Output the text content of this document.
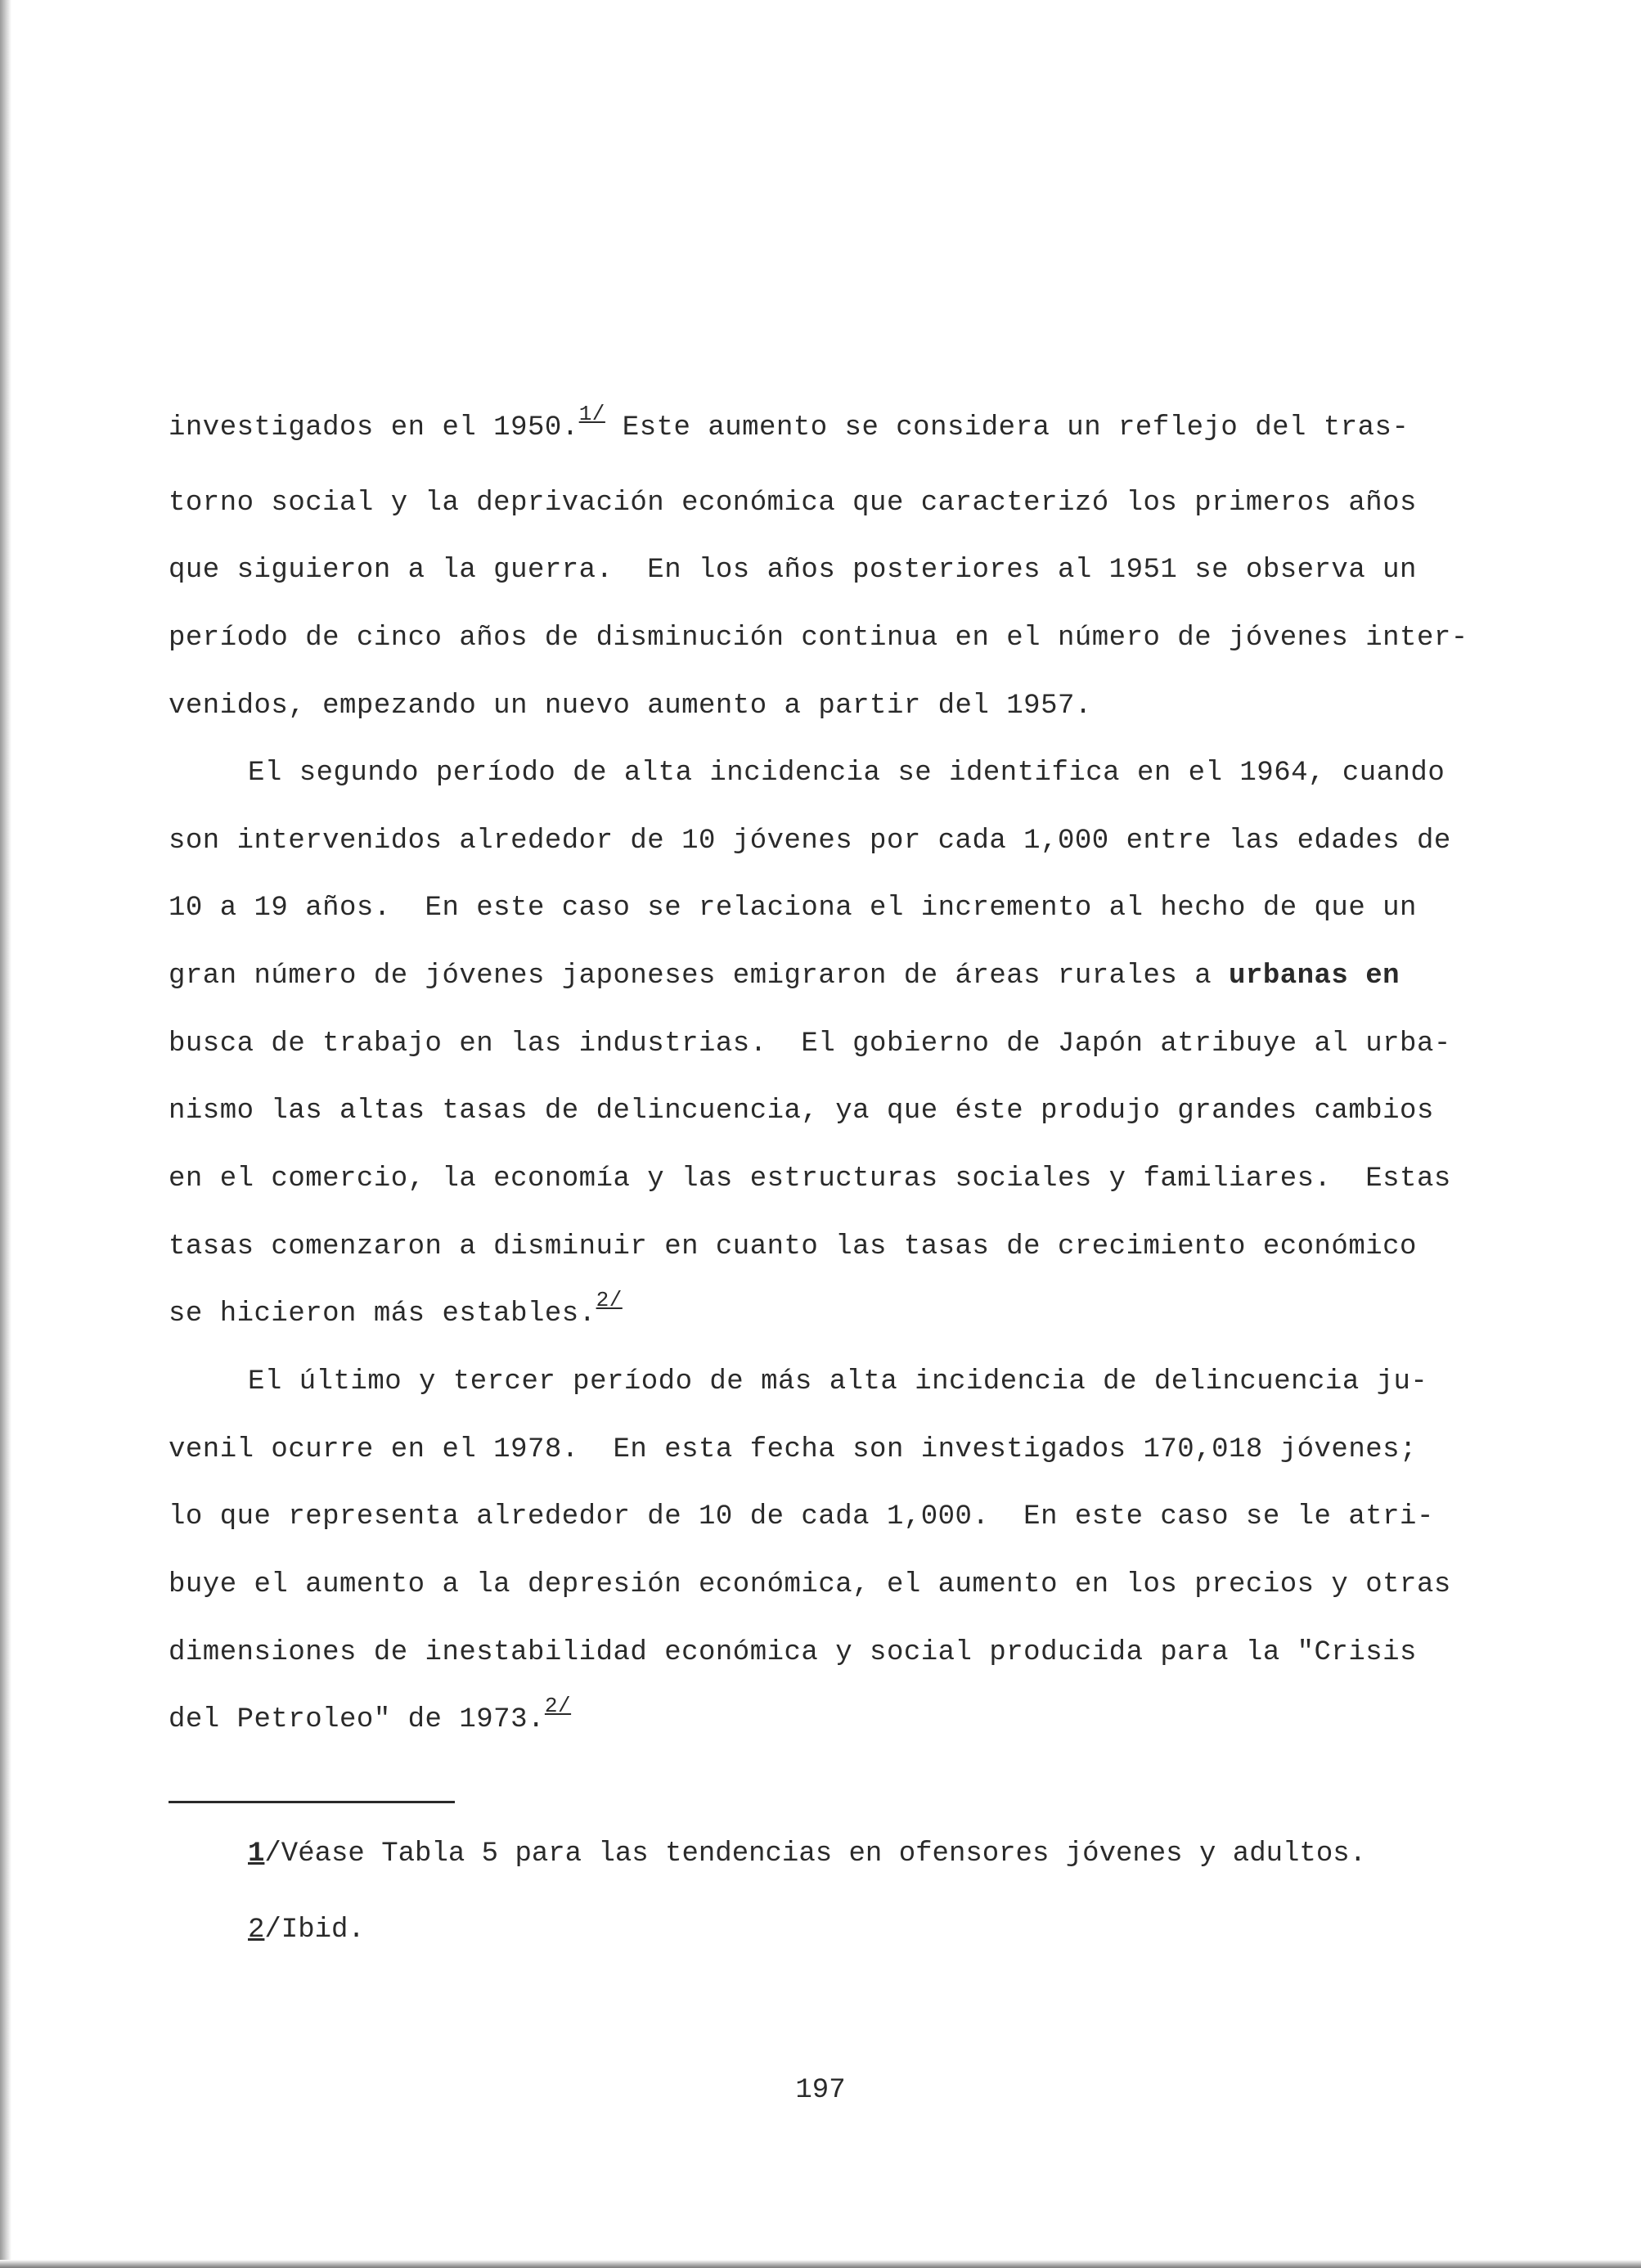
investigados en el 1950.$^{1/}$ Este aumento se considera un reflejo del tras-
torno social y la deprivación económica que caracterizó los primeros años
que siguieron a la guerra.  En los años posteriores al 1951 se observa un
período de cinco años de disminución continua en el número de jóvenes inter-
venidos, empezando un nuevo aumento a partir del 1957.
El segundo período de alta incidencia se identifica en el 1964, cuando
son intervenidos alrededor de 10 jóvenes por cada 1,000 entre las edades de
10 a 19 años.  En este caso se relaciona el incremento al hecho de que un
gran número de jóvenes japoneses emigraron de áreas rurales a urbanas en
busca de trabajo en las industrias.  El gobierno de Japón atribuye al urba-
nismo las altas tasas de delincuencia, ya que éste produjo grandes cambios
en el comercio, la economía y las estructuras sociales y familiares.  Estas
tasas comenzaron a disminuir en cuanto las tasas de crecimiento económico
se hicieron más estables.$^{2/}$
El último y tercer período de más alta incidencia de delincuencia ju-
venil ocurre en el 1978.  En esta fecha son investigados 170,018 jóvenes;
lo que representa alrededor de 10 de cada 1,000.  En este caso se le atri-
buye el aumento a la depresión económica, el aumento en los precios y otras
dimensiones de inestabilidad económica y social producida para la "Crisis
del Petroleo" de 1973.$^{2/}$
1/Véase Tabla 5 para las tendencias en ofensores jóvenes y adultos.
2/Ibid.
197
